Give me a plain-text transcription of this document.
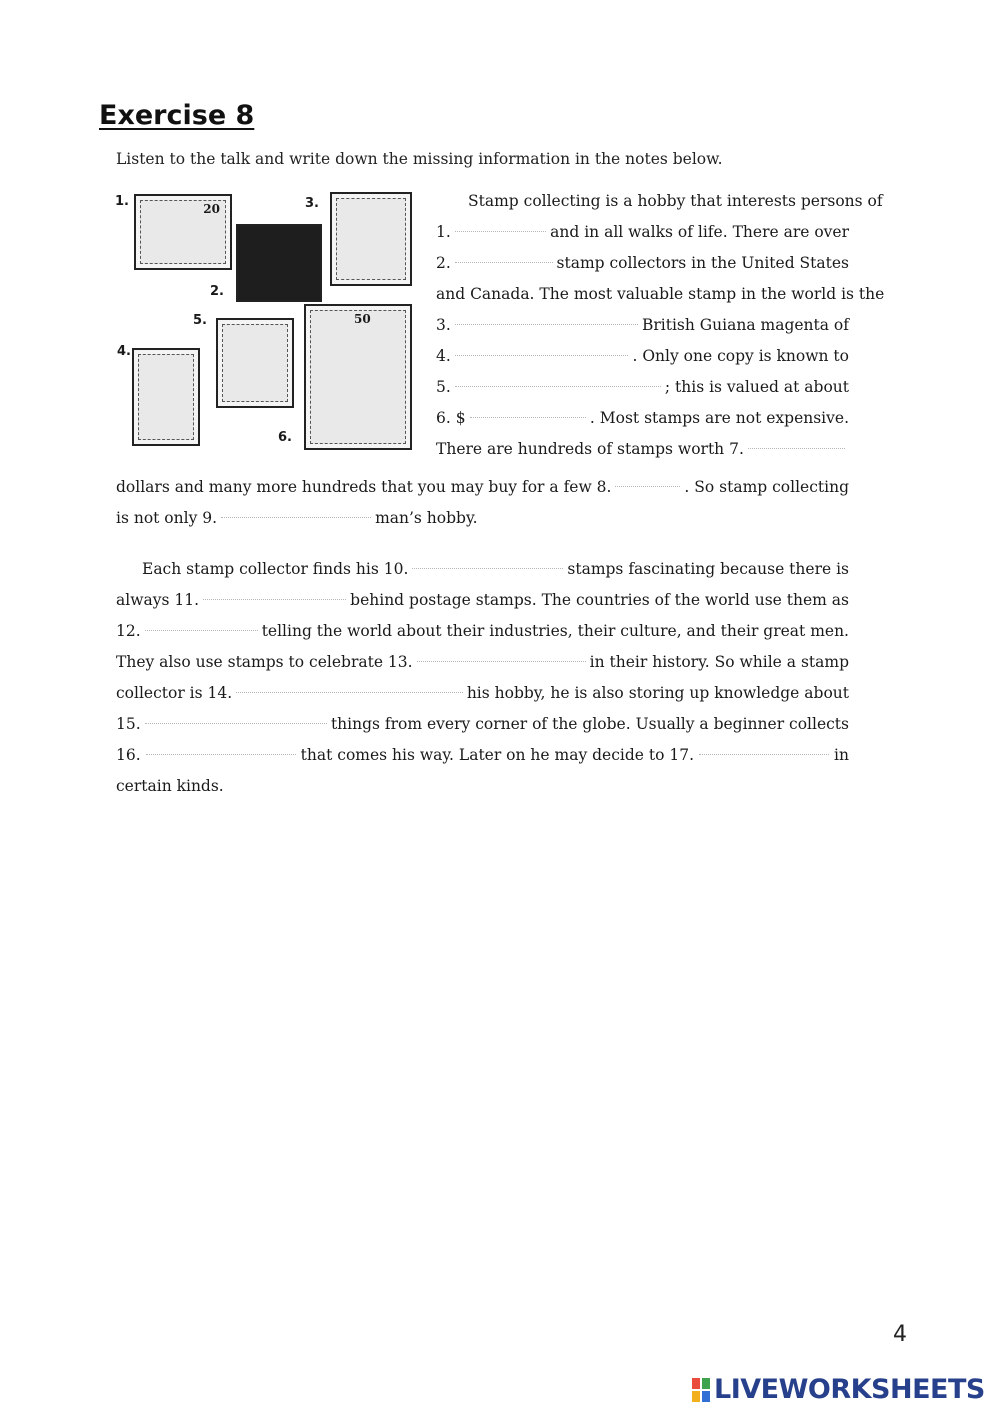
Exercise 8

Listen to the talk and write down the missing information in the notes below.

1.	20	3.
2.
5.	50
4.
6.
Stamp collecting is a hobby that interests persons of
1.	and in all walks of life. There are over
2.	stamp collectors in the United States
and Canada. The most valuable stamp in the world is the
3.	British Guiana magenta of
4.	. Only one copy is known to
5.	; this is valued at about
6. $	. Most stamps are not expensive.
There are hundreds of stamps worth 7.
dollars and many more hundreds that you may buy for a few 8.	. So stamp collecting
is not only 9.	man’s hobby.
Each stamp collector finds his 10.	stamps fascinating because there is
always 11.	behind postage stamps. The countries of the world use them as
12.	telling the world about their industries, their culture, and their great men.
They also use stamps to celebrate 13.	in their history. So while a stamp
collector is 14.	his hobby, he is also storing up knowledge about
15.	things from every corner of the globe. Usually a beginner collects
16.	that comes his way. Later on he may decide to 17.	in
certain kinds.
4
LIVEWORKSHEETS
